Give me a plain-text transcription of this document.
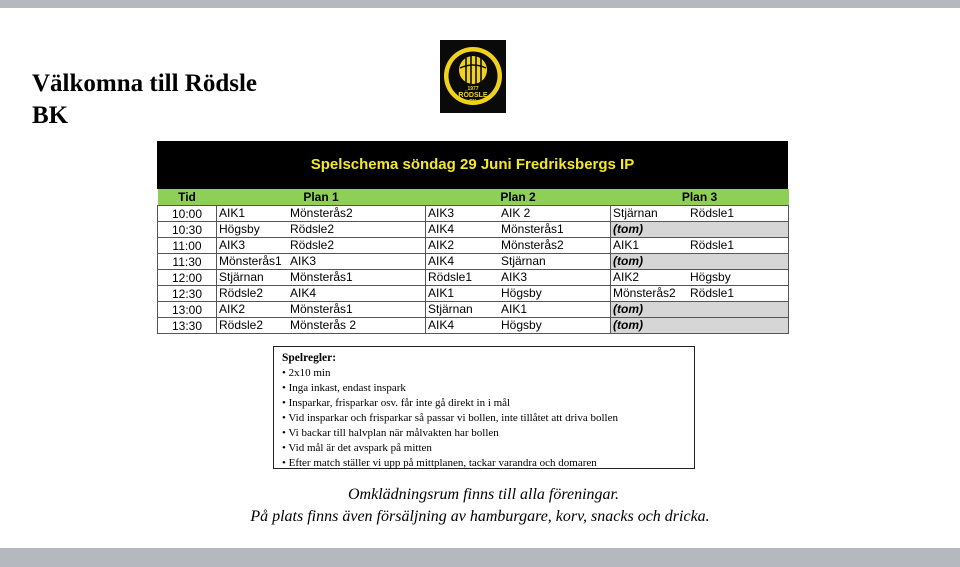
Välkomna till Rödsle
BK
1977
RÖDSLE
BK
Spelschema söndag 29 Juni Fredriksbergs IP
Tid	Plan 1	Plan 2	Plan 3
10:00	AIK1 Mönsterås2	AIK3 AIK 2	Stjärnan Rödsle1

10:30	Högsby Rödsle2	AIK4 Mönsterås1	(tom)

11:00	AIK3 Rödsle2	AIK2 Mönsterås2	AIK1 Rödsle1

11:30	Mönsterås1 AIK3	AIK4 Stjärnan	(tom)

12:00	Stjärnan Mönsterås1	Rödsle1 AIK3	AIK2 Högsby

12:30	Rödsle2 AIK4	AIK1 Högsby	Mönsterås2 Rödsle1

13:00	AIK2 Mönsterås1	Stjärnan AIK1	(tom)

13:30	Rödsle2 Mönsterås 2	AIK4 Högsby	(tom)
Spelregler:
• 2x10 min
• Inga inkast, endast inspark
• Insparkar, frisparkar osv. får inte gå direkt in i mål
• Vid insparkar och frisparkar så passar vi bollen, inte tillåtet att driva bollen
• Vi backar till halvplan när målvakten har bollen
• Vid mål är det avspark på mitten
• Efter match ställer vi upp på mittplanen, tackar varandra och domaren
Omklädningsrum finns till alla föreningar.
På plats finns även försäljning av hamburgare, korv, snacks och dricka.
